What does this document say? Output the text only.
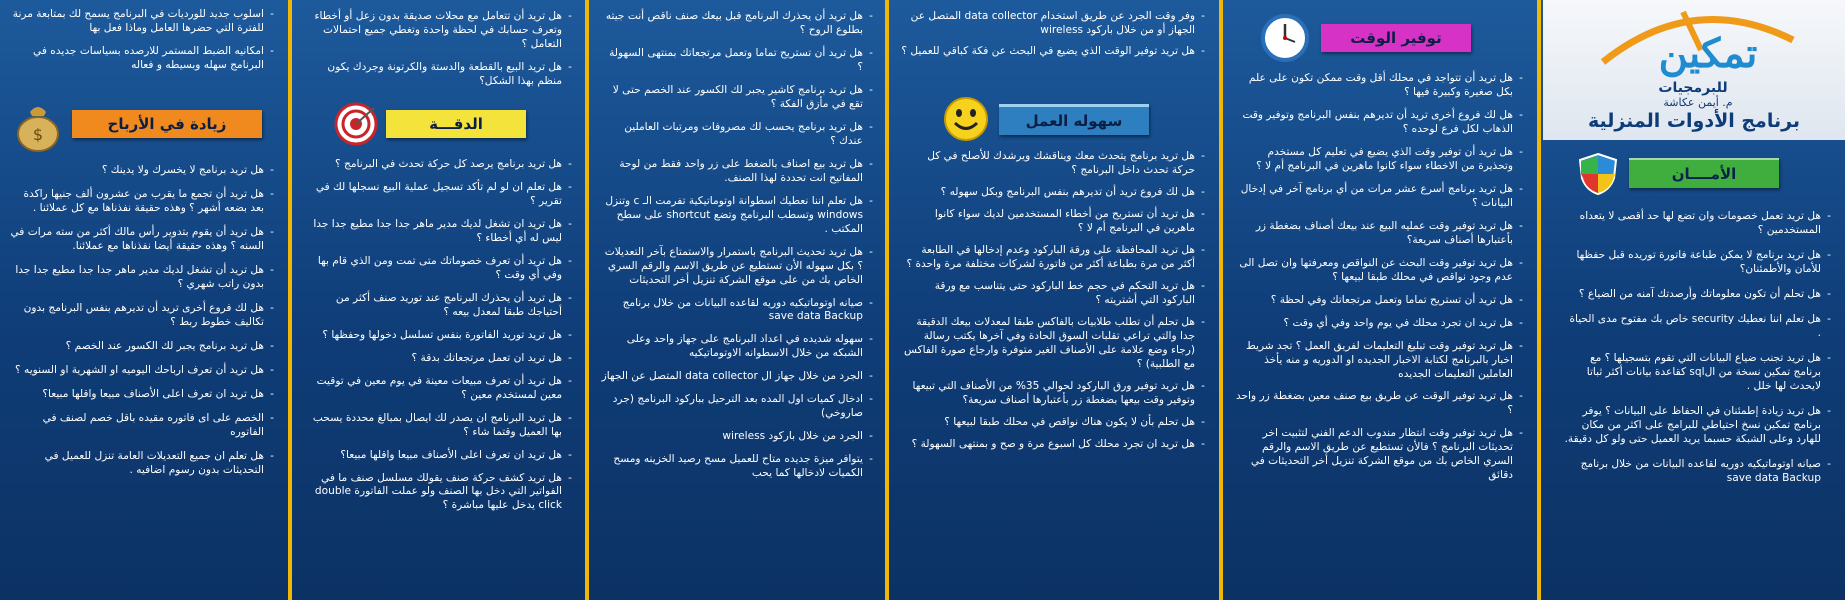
تمكين
للبرمجيات
م. أيمن عكاشة
برنامج الأدوات المنزلية
الأمــــان
- هل تريد تعمل خصومات وان تضع لها حد أقصى لا يتعداه المستخدمين ؟
- هل تريد برنامج لا يمكن طباعة فاتورة توريده قبل حفظها للأمان والأطمئنان؟
- هل تحلم أن تكون معلوماتك وأرصدتك آمنه من الضياع ؟
- هل تعلم اننا نعطيك security خاص بك مفتوح مدى الحياة .
- هل تريد تجنب ضياع البيانات التي تقوم بتسجيلها ؟ مع برنامج تمكين نسخة من الsql كقاعدة بيانات أكثر ثباتا لايحدث لها خلل .
- هل تريد زيادة إطمئنان في الحفاظ على البيانات ؟ يوفر برنامج تمكين نسخ احتياطي للبرامج على اكثر من مكان للهارد وعلى الشبكة حسبما يريد العميل حتى ولو كل دقيقة.
- صيانه اوتوماتيكيه دوريه لقاعده البيانات من خلال برنامج save data Backup
توفير الوقت
- هل تريد أن تتواجد في محلك أقل وقت ممكن تكون على علم بكل صغيرة وكبيرة فيها ؟
- هل لك فروع أخرى تريد أن تديرهم بنفس البرنامج وتوفير وقت الذهاب لكل فرع لوحده ؟
- هل تريد أن توفير وقت الذي يضيع في تعليم كل مستخدم وتحذيرة من الاخطاء سواء كانوا ماهرين في البرنامج أم لا ؟
- هل تريد برنامج أسرع عشر مرات من أي برنامج آخر في إدخال البيانات ؟
- هل تريد توفير وقت عمليه البيع عند بيعك أصناف بضغطة زر بأعتبارها أصناف سريعة؟
- هل تريد توفير وقت البحث عن النواقص ومعرفتها وان تصل الى عدم وجود نواقص في محلك طبقا لبيعها ؟
- هل تريد أن تستريح تماما وتعمل مرتجعاتك وفي لحظة ؟
- هل تريد ان تجرد محلك في يوم واحد وفي أي وقت ؟
- هل تريد توفير وقت تبليغ التعليمات لفريق العمل ؟ تجد شريط اخبار بالبرنامج لكتابة الاخبار الجديده او الدوريه و منه يأخذ العاملين التعليمات الجديده
- هل تريد توفير الوقت عن طريق بيع صنف معين بضغطة زر واحد ؟
- هل تريد توفير وقت انتظار مندوب الدعم الفني لتثبيت اخر تحديثات البرنامج ؟ فالأن تستطيع عن طريق الاسم والرقم السري الخاص بك من موقع الشركة تنزيل أخر التحديثات في دقائق
- وفر وقت الجرد عن طريق استخدام data collector المتصل عن الجهاز أو من خلال باركود wireless
- هل تريد توفير الوقت الذي يضيع في البحث عن فكة كباقي للعميل ؟
سهوله العمل
- هل تريد برنامج يتحدث معك ويناقشك ويرشدك للأصلح في كل حركة تحدث داخل البرنامج ؟
- هل لك فروع تريد أن تديرهم بنفس البرنامج وبكل سهوله ؟
- هل تريد أن تستريح من أخطاء المستخدمين لديك سواء كانوا ماهرين في البرنامج أم لا ؟
- هل تريد المحافظة على ورقة الباركود وعدم إدخالها في الطابعة أكثر من مرة بطباعة أكثر من فاتورة لشركات مختلفة مرة واحدة ؟
- هل تريد التحكم في حجم خط الباركود حتى يتناسب مع ورقة الباركود التي أشتريته ؟
- هل تحلم أن تطلب طلابيات بالفاكس طبقا لمعدلات بيعك الدقيقة جدا والتي تراعي تقلبات السوق الحادة وفي آخرها يكتب رسالة (رجاء وضع علامة على الأصناف الغير متوفرة وارجاع صورة الفاكس مع الطلبية) ؟
- هل تريد توفير ورق الباركود لحوالي 35% من الأصناف التي تبيعها وتوفير وقت بيعها بضغطة زر بأعتبارها أصناف سريعة؟
- هل تحلم بأن لا يكون هناك نواقص في محلك طبقا لبيعها ؟
- هل تريد ان تجرد محلك كل اسبوع مرة و صح و بمنتهى السهولة ؟
- هل تريد أن يحذرك البرنامج قبل بيعك صنف ناقص أنت جيته بطلوع الروح ؟
- هل تريد أن تستريح تماما وتعمل مرتجعاتك بمنتهى السهولة ؟
- هل تريد برنامج كاشير يجبر لك الكسور عند الخصم حتى لا تقع في مأزق الفكة ؟
- هل تريد برنامج يحسب لك مصروفات ومرتبات العاملين عندك ؟
- هل تريد بيع اصناف بالضغط على زر واحد فقط من لوحة المفاتيح انت تحددة لهذا الصنف.
- هل تعلم اننا نعطيك اسطوانة اوتوماتيكية تفرمت الـ c وتنزل windows وتسطب البرنامج وتضع shortcut على سطح المكتب .
- هل تريد تحديث البرنامج باستمرار والاستمتاع بآخر التعديلات ؟ بكل سهوله الأن تستطيع عن طريق الاسم والرقم السري الخاص بك من على موقع الشركة تنزيل أخر التحديثات
- صيانه اوتوماتيكيه دوريه لقاعده البيانات من خلال برنامج save data Backup
- سهوله شديده في اعداد البرنامج على جهاز واحد وعلى الشبكه من خلال الاسطوانه الاوتوماتيكيه
- الجرد من خلال جهاز ال data collector المتصل عن الجهاز
- ادخال كميات اول المده بعد الترحيل بباركود البرنامج (جرد صاروخي)
- الجرد من خلال باركود wireless
- يتوافر ميزة جديده متاح للعميل مسح رصيد الخزينه ومسح الكميات لادخالها كما يحب
- هل تريد أن تتعامل مع محلات صديقة بدون زعل أو أخطاء وتعرف حسابك في لحظة واحدة وتغطي جميع احتمالات التعامل ؟
- هل تريد البيع بالقطعة والدستة والكرتونة وجردك يكون منظم بهذا الشكل؟
الدقـــة
- هل تريد برنامج يرصد كل حركة تحدث في البرنامج ؟
- هل تعلم ان لو لم تأكد تسجيل عملية البيع نسجلها لك في تقرير ؟
- هل تريد ان تشغل لديك مدير ماهر جدا جدا مطيع جدا جدا ليس له أي أخطاء ؟
- هل تريد أن تعرف خصوماتك متى تمت ومن الذي قام بها وفي أي وقت ؟
- هل تريد أن يحذرك البرنامج عند توريد صنف أكثر من أحتياجك طبقا لمعدل بيعه ؟
- هل تريد توريد الفاتورة بنفس تسلسل دخولها وحفظها ؟
- هل تريد ان تعمل مرتجعاتك بدقة ؟
- هل تريد أن تعرف مبيعات معينة في يوم معين في توقيت معين لمستخدم معين ؟
- هل تريد البرنامج ان يصدر لك ايصال بمبالغ محددة يسحب بها العميل وقتما شاء ؟
- هل تريد ان تعرف اعلى الأصناف مبيعا واقلها مبيعا؟
- هل تريد كشف حركة صنف يقولك مسلسل صنف ما في الفواتير التي دخل بها الصنف ولو عملت الفاتورة double click يدخل عليها مباشرة ؟
- اسلوب جديد للورديات في البرنامج يسمح لك بمتابعة مرنة للفترة التي حضرها العامل وماذا فعل بها
- امكانيه الضبط المستمر للارصده بسياسات جديده في البرنامج سهله وبسيطه و فعاله
زيادة في الأرباح
$
- هل تريد برنامج لا يخسرك ولا يدينك ؟
- هل تريد أن تجمع ما يقرب من عشرون ألف جنيها راكدة بعد بضعه أشهر ؟ وهذه حقيقة نفذناها مع كل عملائنا .
- هل تريد أن يقوم بتدوير رأس مالك أكثر من سته مرات في السنه ؟ وهذه حقيقة أيضا نفذناها مع عملائنا.
- هل تريد أن تشغل لديك مدير ماهر جدا جدا مطيع جدا جدا بدون راتب شهري ؟
- هل لك فروع أخرى تريد أن تديرهم بنفس البرنامج بدون تكاليف خطوط ربط ؟
- هل تريد برنامج يجبر لك الكسور عند الخصم ؟
- هل تريد أن تعرف ارباحك اليوميه او الشهرية او السنويه ؟
- هل تريد ان تعرف اعلى الأصناف مبيعا واقلها مبيعا؟
- الخصم على اى فاتوره مقيده باقل خصم لصنف في الفاتوره
- هل تعلم ان جميع التعديلات العامة تنزل للعميل في التحديثات بدون رسوم اضافيه .
